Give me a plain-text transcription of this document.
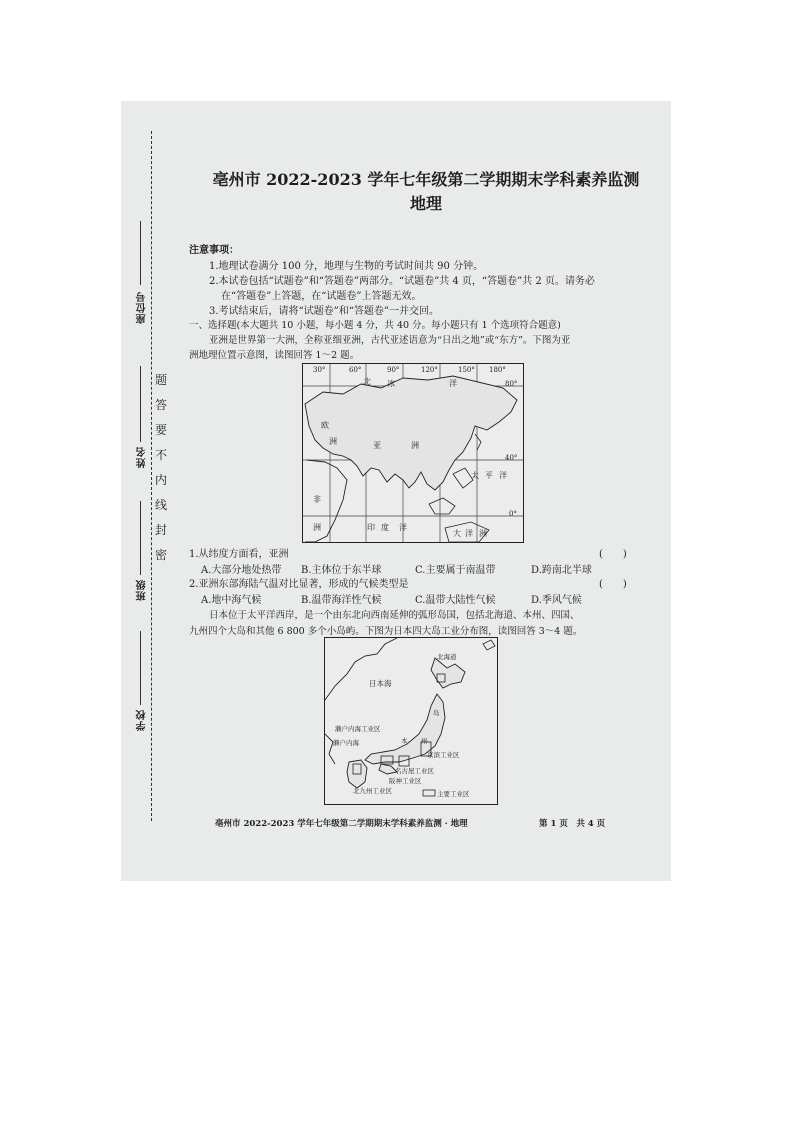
座位号
姓名
班级
学校
密
封
线
内
不
要
答
题
亳州市 2022-2023 学年七年级第二学期期末学科素养监测
地理
注意事项：
1.地理试卷满分 100 分，地理与生物的考试时间共 90 分钟。
2.本试卷包括“试题卷”和“答题卷”两部分。“试题卷”共 4 页，“答题卷”共 2 页。请务必
在“答题卷”上答题，在“试题卷”上答题无效。
3.考试结束后，请将“试题卷”和“答题卷”一并交回。
一、选择题(本大题共 10 小题，每小题 4 分，共 40 分。每小题只有 1 个选项符合题意)
亚洲是世界第一大洲，全称亚细亚洲，古代亚述语意为“日出之地”或“东方”。下图为亚
洲地理位置示意图，读图回答 1～2 题。
30°	60°	90°	120°	150° 180°
80°
40°
0°
北 冰	洋
欧
洲	亚	洲
非
洲
太 平 洋
印 度 洋
大 洋 洲
1.从纬度方面看，亚洲	(　　)
A.大部分地处热带 B.主体位于东半球	C.主要属于南温带	D.跨南北半球
2.亚洲东部海陆气温对比显著，形成的气候类型是	(　　)
A.地中海气候	B.温带海洋性气候	C.温带大陆性气候	D.季风气候
日本位于太平洋西岸，是一个由东北向西南延伸的弧形岛国，包括北海道、本州、四国、
九州四个大岛和其他 6 800 多个小岛屿。下图为日本四大岛工业分布图，读图回答 3～4 题。
日本海
北海道
岛
州
本
濑户内海工业区
濑户内海
京滨工业区
名古屋工业区
阪神工业区
北九州工业区	主要工业区
亳州市 2022-2023 学年七年级第二学期期末学科素养监测 · 地理	第 1 页　共 4 页
